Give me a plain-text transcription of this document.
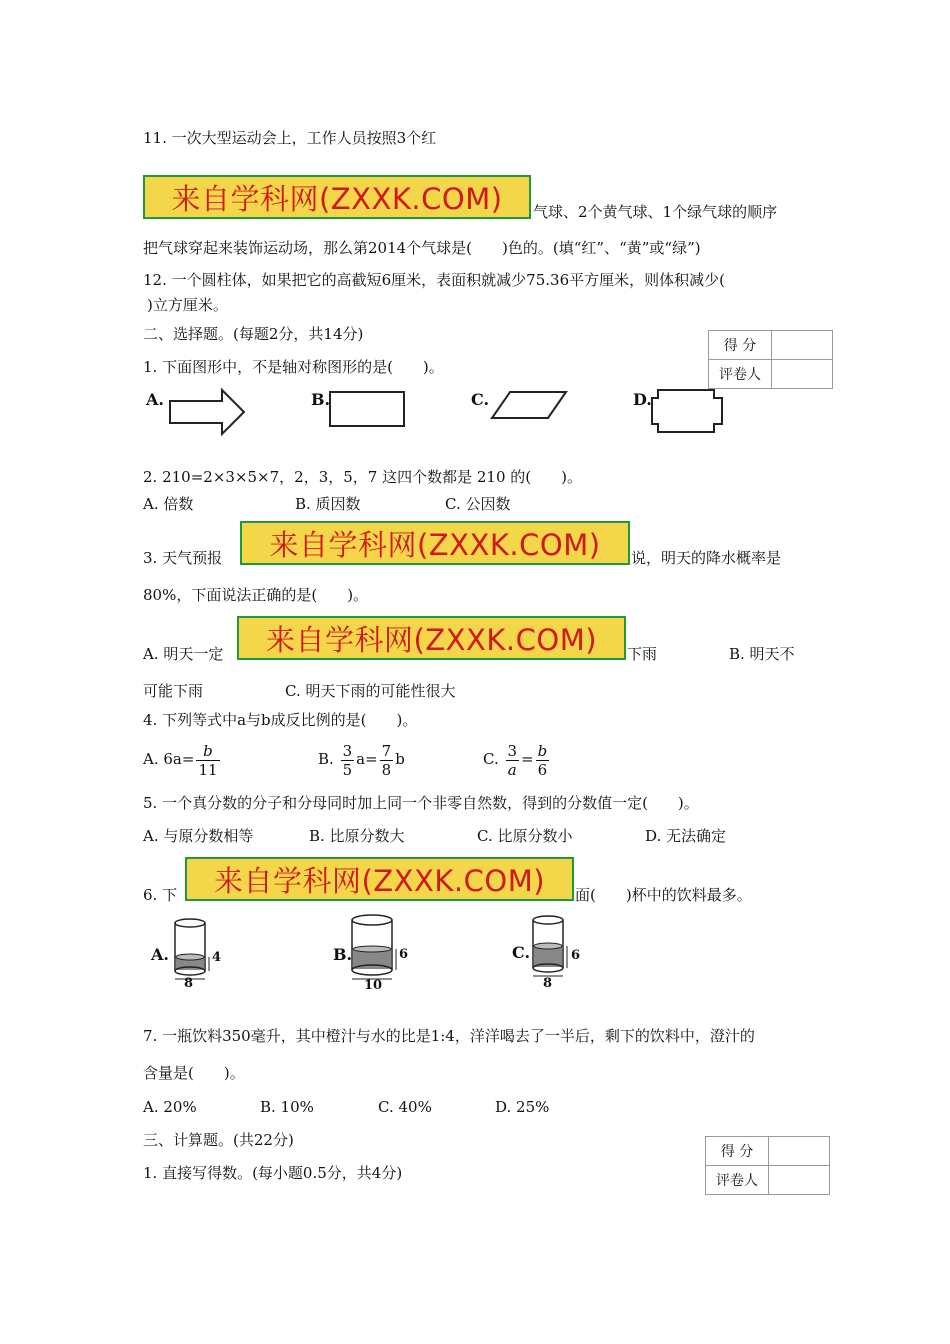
11. 一次大型运动会上，工作人员按照3个红
来自学科网(ZXXK.COM)	气球、2个黄气球、1个绿气球的顺序
把气球穿起来装饰运动场，那么第2014个气球是(　　)色的。(填“红”、“黄”或“绿”)
12. 一个圆柱体，如果把它的高截短6厘米，表面积就减少75.36平方厘米，则体积减少(
)立方厘米。
二、选择题。(每题2分，共14分)
得 分	
评卷人	
1. 下面图形中，不是轴对称图形的是(　　)。
A.	B.	C.	D.
2. 210=2×3×5×7，2，3，5，7 这四个数都是 210 的(　　)。
A. 倍数	B. 质因数	C. 公因数
3. 天气预报	来自学科网(ZXXK.COM)	说，明天的降水概率是
80%，下面说法正确的是(　　)。
A. 明天一定	来自学科网(ZXXK.COM)	下雨	B. 明天不
可能下雨	C. 明天下雨的可能性很大
4. 下列等式中a与b成反比例的是(　　)。
A. $6a= \frac{b}{11}$	B. $\frac{3}{5} a= \frac{7}{8}$ b	C. $\frac{3}{a} = \frac{b}{6}$
5. 一个真分数的分子和分母同时加上同一个非零自然数，得到的分数值一定(　　)。
A. 与原分数相等	B. 比原分数大	C. 比原分数小	D. 无法确定
6. 下	来自学科网(ZXXK.COM)	面(　　)杯中的饮料最多。
A.	4
8
B.	6
10
C.	6
8
7. 一瓶饮料350毫升，其中橙汁与水的比是1:4，洋洋喝去了一半后，剩下的饮料中，澄汁的
含量是(　　)。
A. 20%	B. 10%	C. 40%	D. 25%
三、计算题。(共22分)
得 分	
评卷人	
1. 直接写得数。(每小题0.5分，共4分)
